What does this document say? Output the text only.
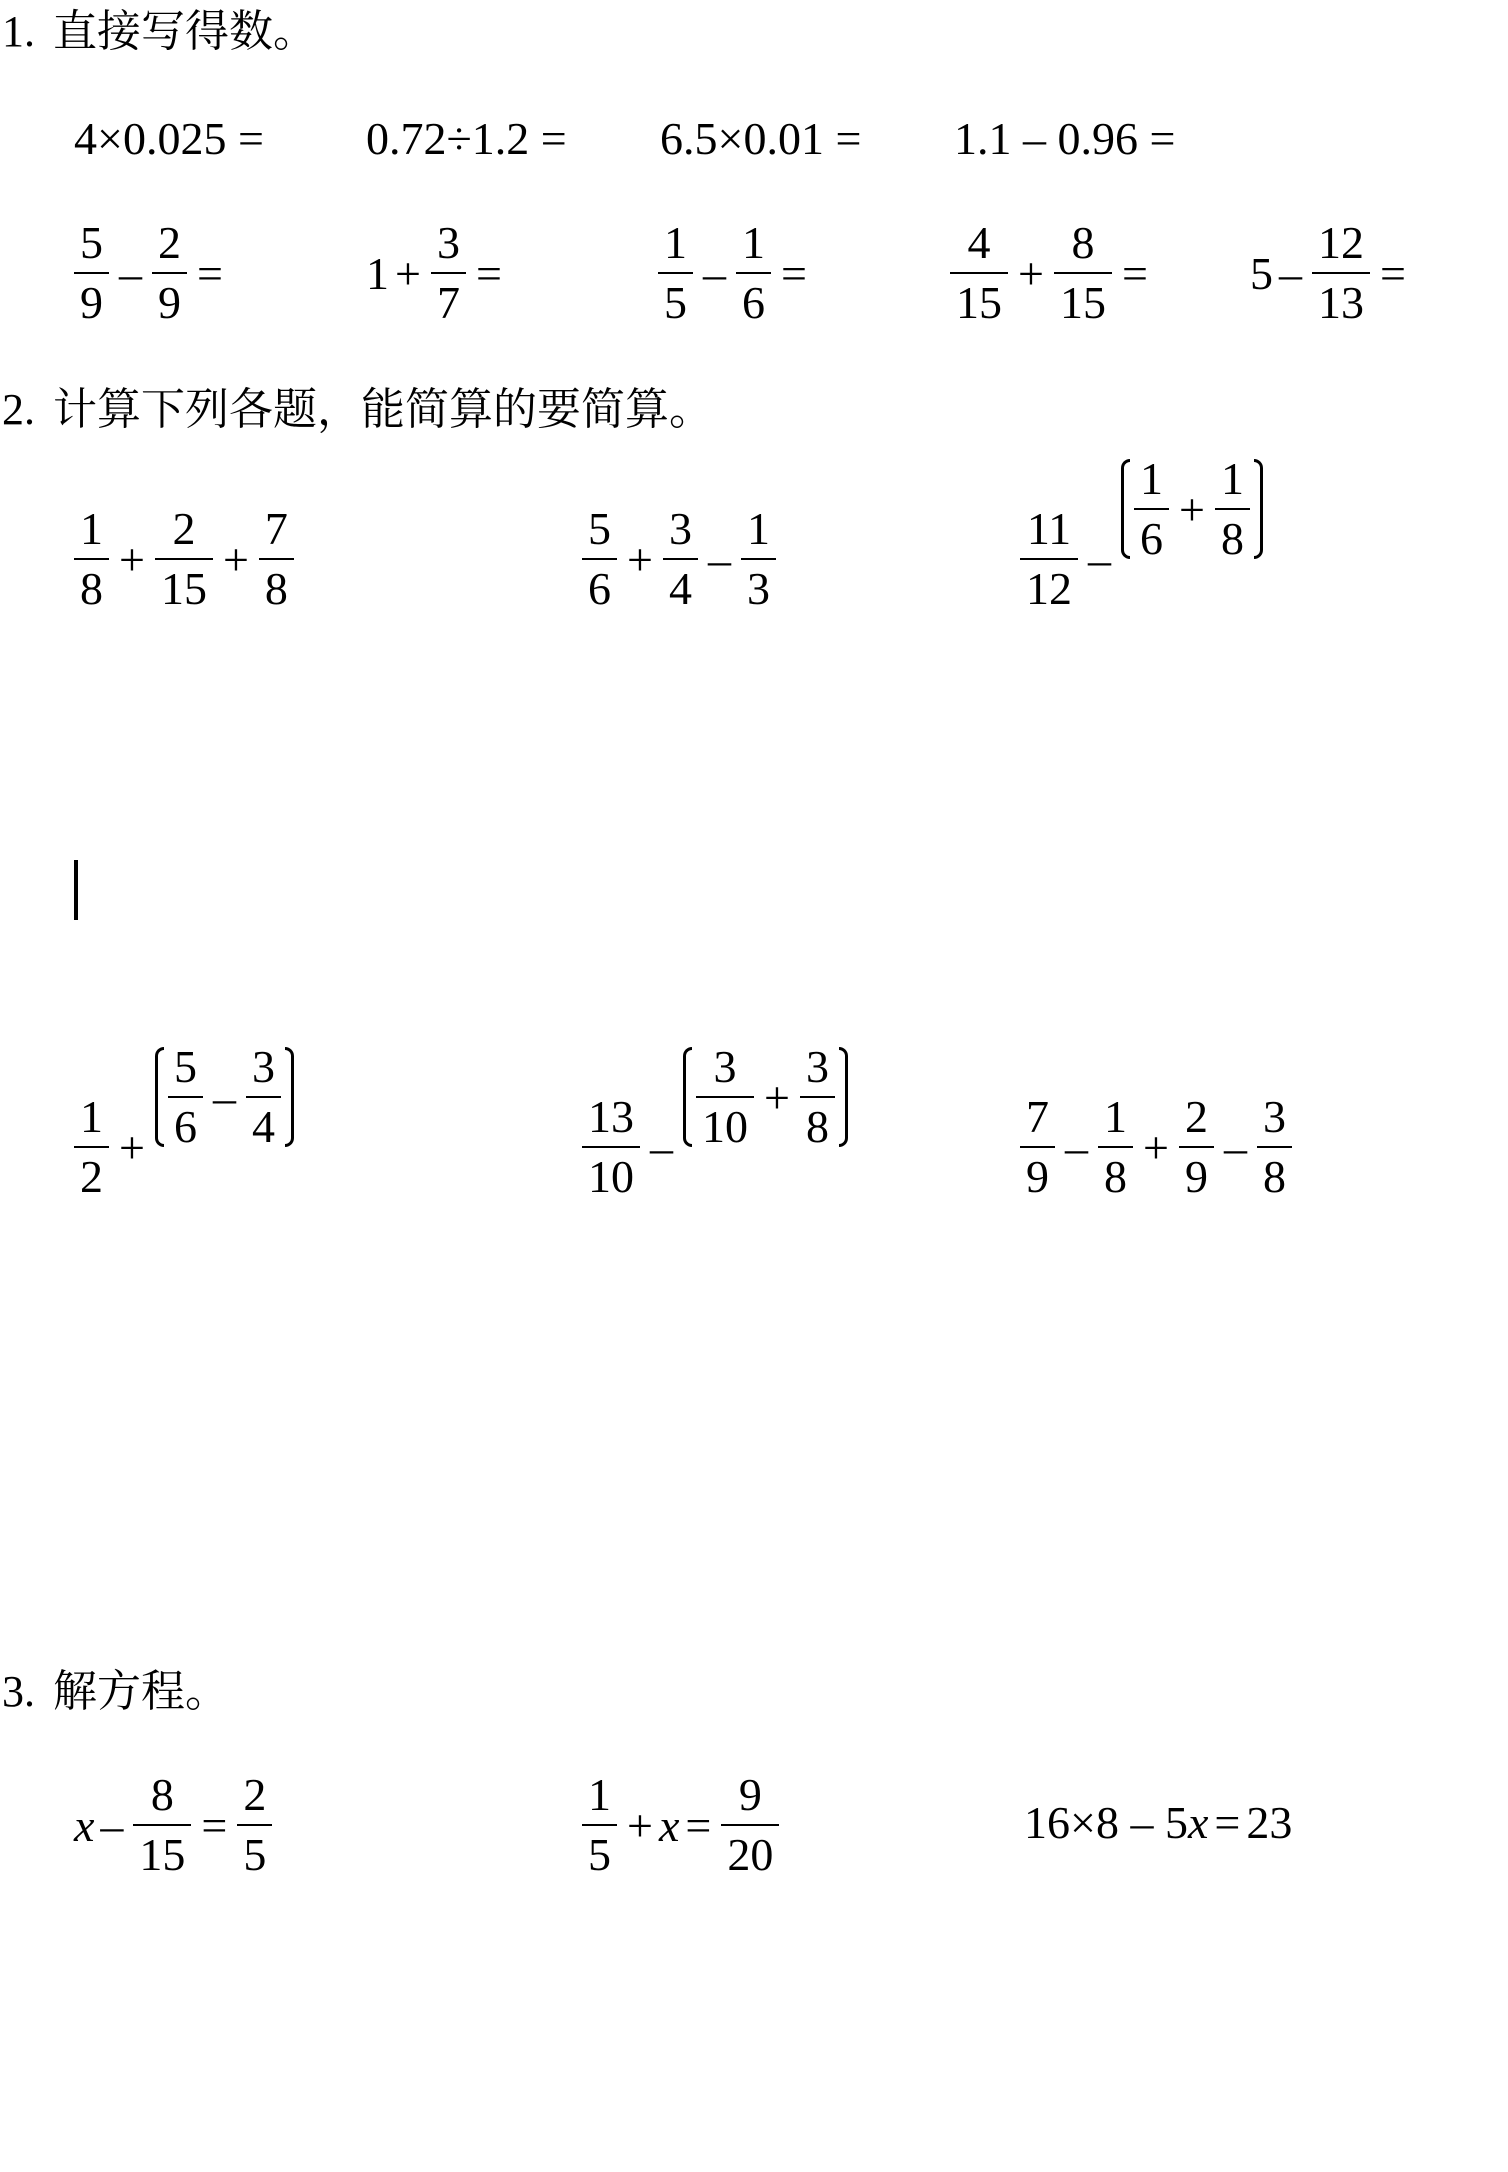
1. 直接写得数。
2. 计算下列各题，能简算的要简算。
3. 解方程。
4×0.025 = 0.72÷1.2 = 6.5×0.01 = 1.1 – 0.96 =
$\frac{5}{9} - \frac{2}{9}$ =	$1 + \frac{3}{7}$ =	$\frac{1}{5} - \frac{1}{6}$ =	$\frac{4}{15} + \frac{8}{15} = 5 - \frac{12}{13}$ =
$\frac{1}{8} + \frac{2}{15} + \frac{7}{8}$	$\frac{5}{6} + \frac{3}{4} - \frac{1}{3}$	$\frac{11}{12} - \frac{1}{6} + \frac{1}{8}$
$\frac{1}{2} + \frac{5}{6} - \frac{3}{4}$	$\frac{13}{10} - \frac{3}{10} + \frac{3}{8}$	$\frac{7}{9} - \frac{1}{8} + \frac{2}{9} - \frac{3}{8}$
$x - \frac{8}{15} = \frac{2}{5}$	$\frac{1}{5} + x = \frac{9}{20}$	16×8 – 5 x = 23
